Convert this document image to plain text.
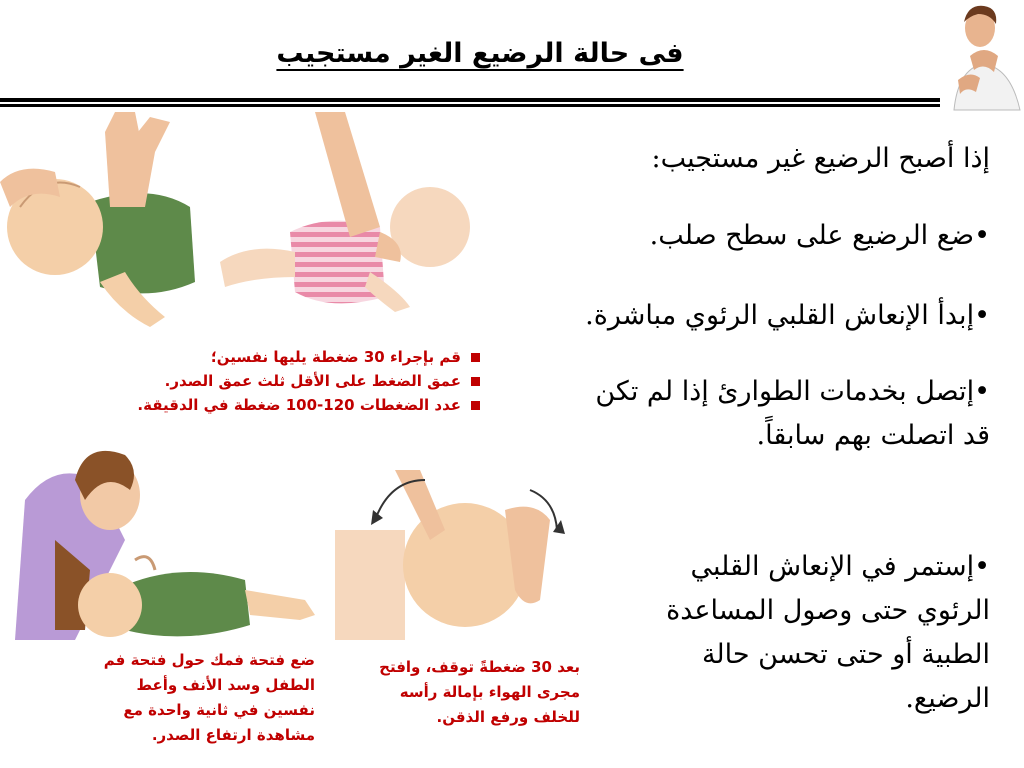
فى حالة الرضيع الغير مستجيب
قم بإجراء 30 ضغطة يليها نفسين؛
عمق الضغط على الأقل ثلث عمق الصدر.
عدد الضغطات 120-100 ضغطة في الدقيقة.
ضع فتحة فمك حول فتحة فم
الطفل وسد الأنف وأعط
نفسين في ثانية واحدة مع
مشاهدة ارتفاع الصدر.
بعد 30 ضغطةً توقف، وافتح
مجرى الهواء بإمالة رأسه
للخلف ورفع الذقن.
إذا أصبح الرضيع غير مستجيب:
•ضع الرضيع على سطح صلب.
•إبدأ الإنعاش القلبي الرئوي مباشرة.
•إتصل بخدمات الطوارئ إذا لم تكن
قد اتصلت بهم سابقاً.
•إستمر في الإنعاش القلبي
الرئوي حتى وصول المساعدة
الطبية أو حتى تحسن حالة
الرضيع.
